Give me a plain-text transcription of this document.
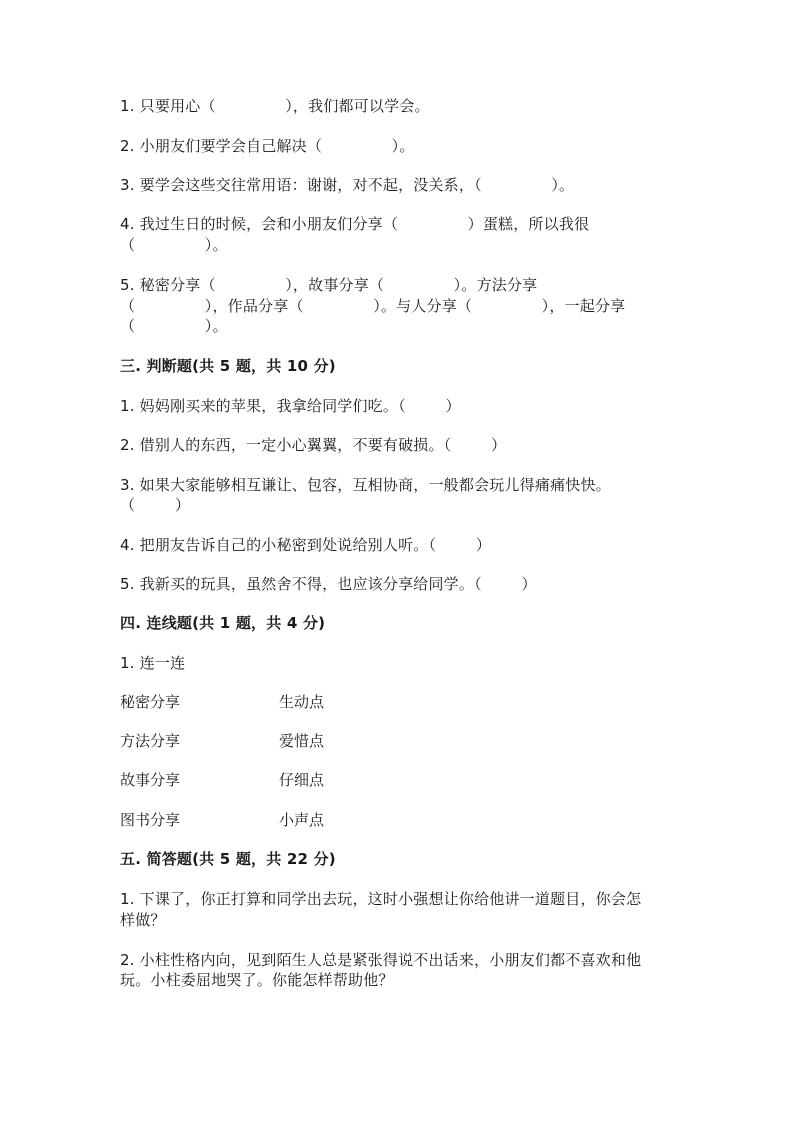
1. 只要用心（              ），我们都可以学会。

2. 小朋友们要学会自己解决（              ）。

3. 要学会这些交往常用语：谢谢，对不起，没关系，（              ）。

4. 我过生日的时候，会和小朋友们分享（              ）蛋糕，所以我很

（              ）。

5. 秘密分享（              ），故事分享（              ）。方法分享

（              ），作品分享（              ）。与人分享（              ），一起分享

（              ）。

三. 判断题(共 5 题，共 10 分)

1. 妈妈刚买来的苹果，我拿给同学们吃。（        ）

2. 借别人的东西，一定小心翼翼，不要有破损。（        ）

3. 如果大家能够相互谦让、包容，互相协商，一般都会玩儿得痛痛快快。

（        ）

4. 把朋友告诉自己的小秘密到处说给别人听。（        ）

5. 我新买的玩具，虽然舍不得，也应该分享给同学。（        ）

四. 连线题(共 1 题，共 4 分)

1. 连一连

秘密分享	生动点

方法分享	爱惜点

故事分享	仔细点

图书分享	小声点

五. 简答题(共 5 题，共 22 分)

1. 下课了，你正打算和同学出去玩，这时小强想让你给他讲一道题目，你会怎

样做？

2. 小柱性格内向，见到陌生人总是紧张得说不出话来，小朋友们都不喜欢和他

玩。小柱委屈地哭了。你能怎样帮助他？
